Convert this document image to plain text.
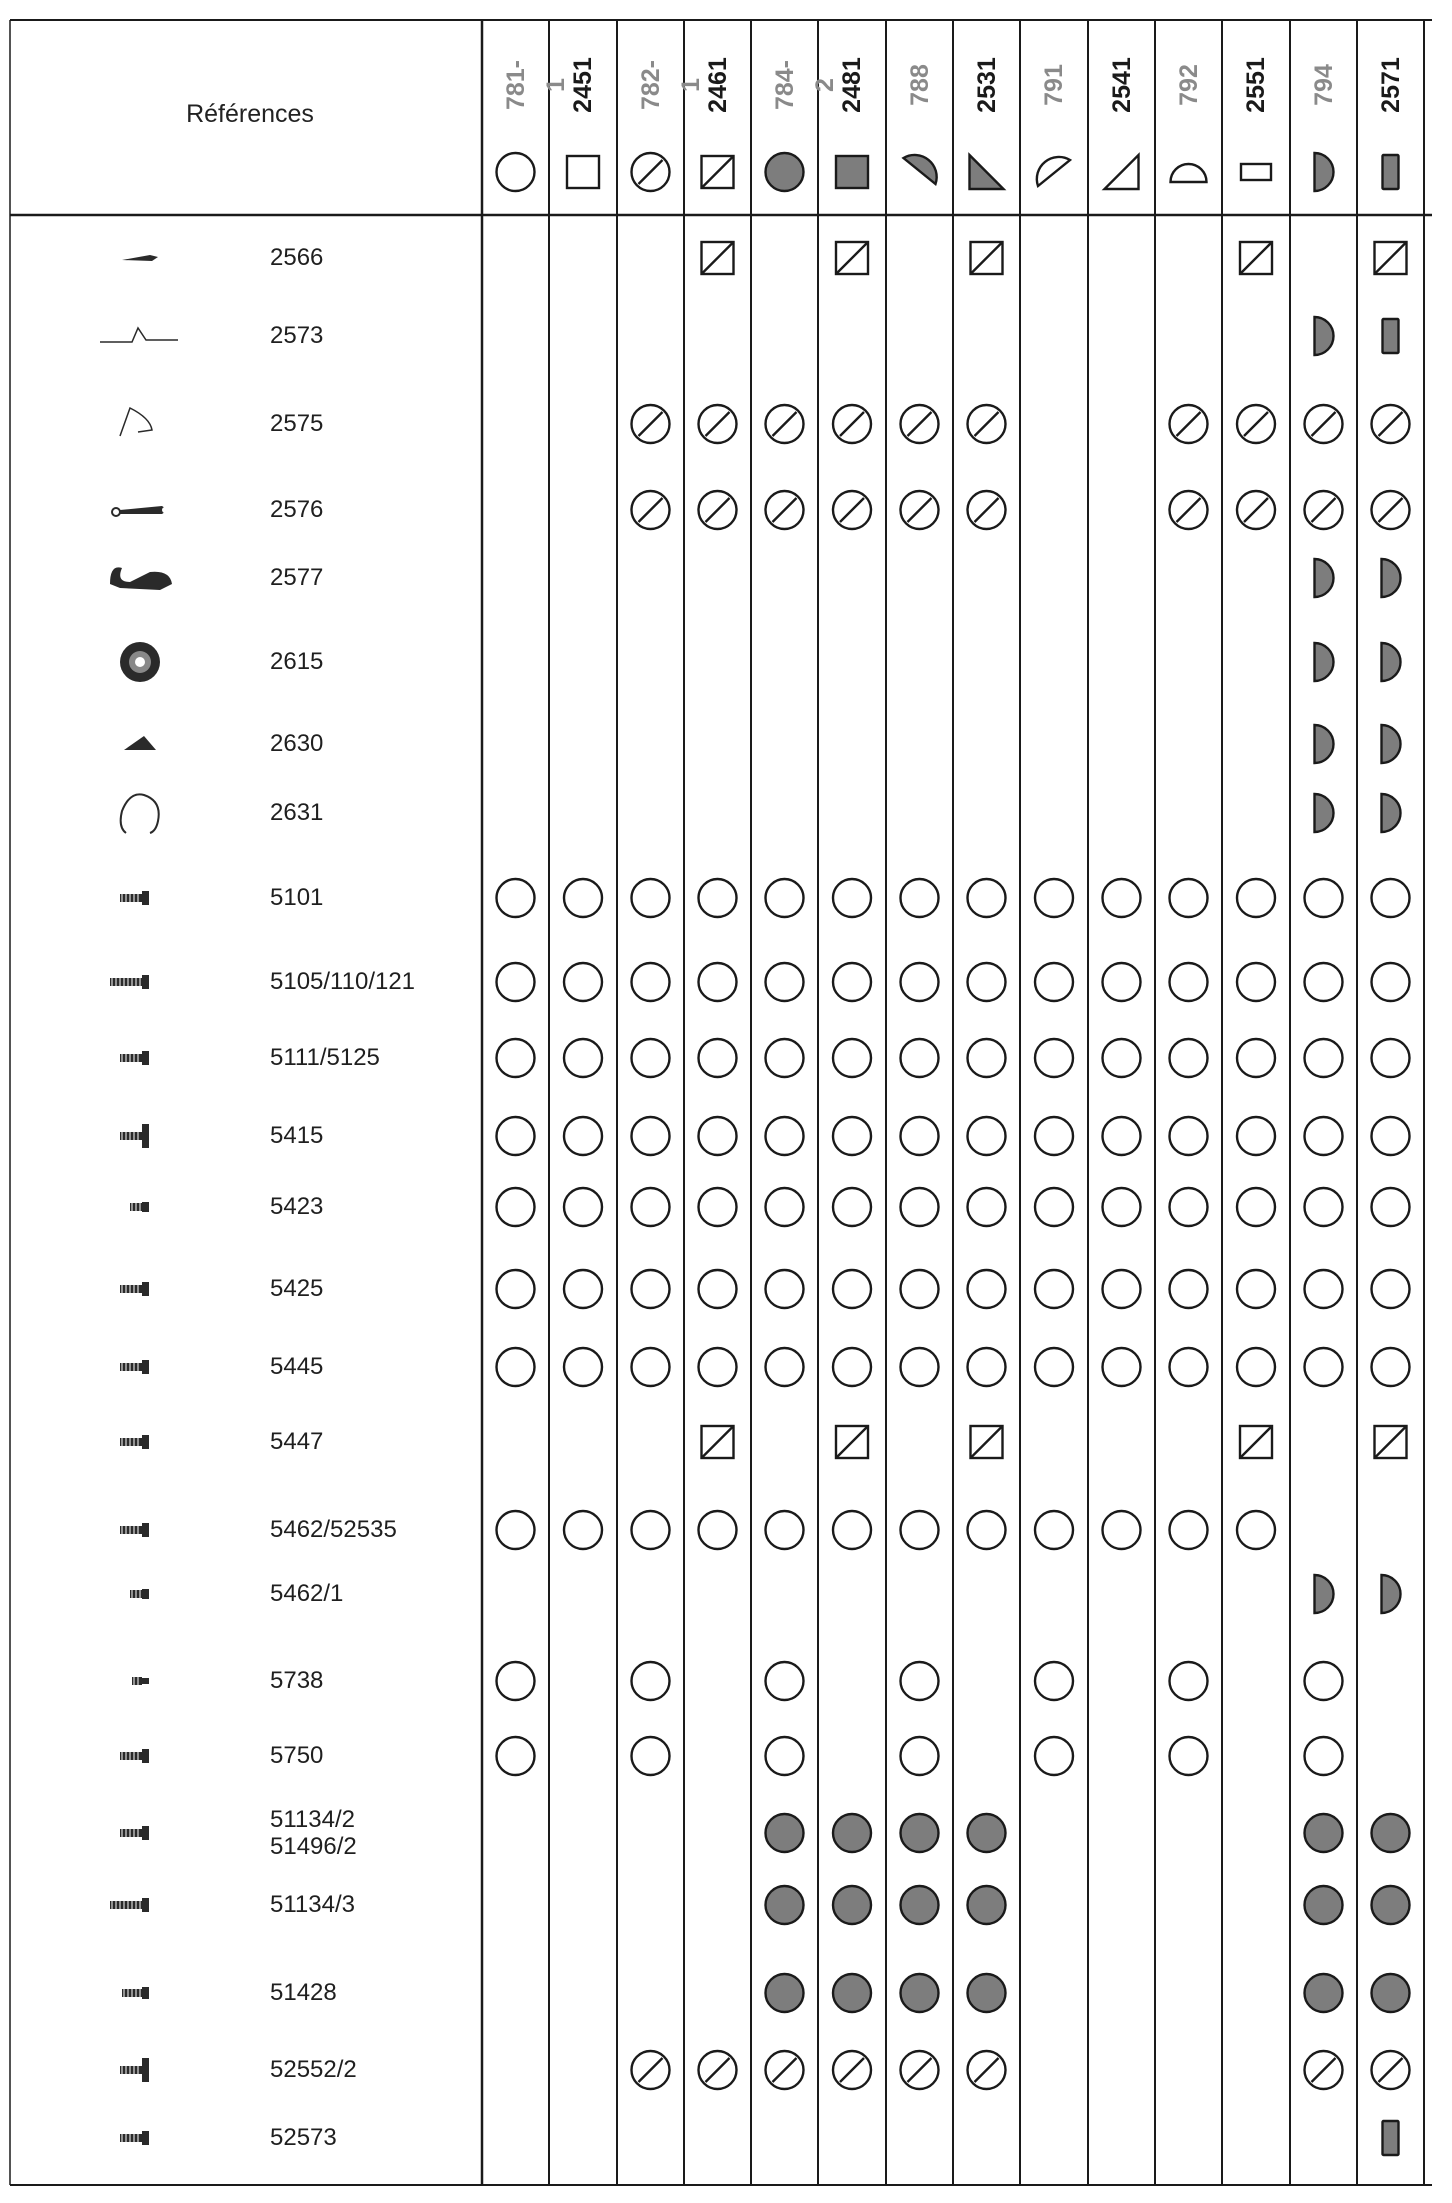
Références
781-1 2451 782-1 2461 784-2 2481 788 2531 791 2541 792 2551 794 2571
2566
2573
2575
2576
2577
2615
2630
2631
5101
5105/110/121
5111/5125
5415
5423
5425
5445
5447
5462/52535
5462/1
5738
5750
51134/2
51496/2
51134/3
51428
52552/2
52573
